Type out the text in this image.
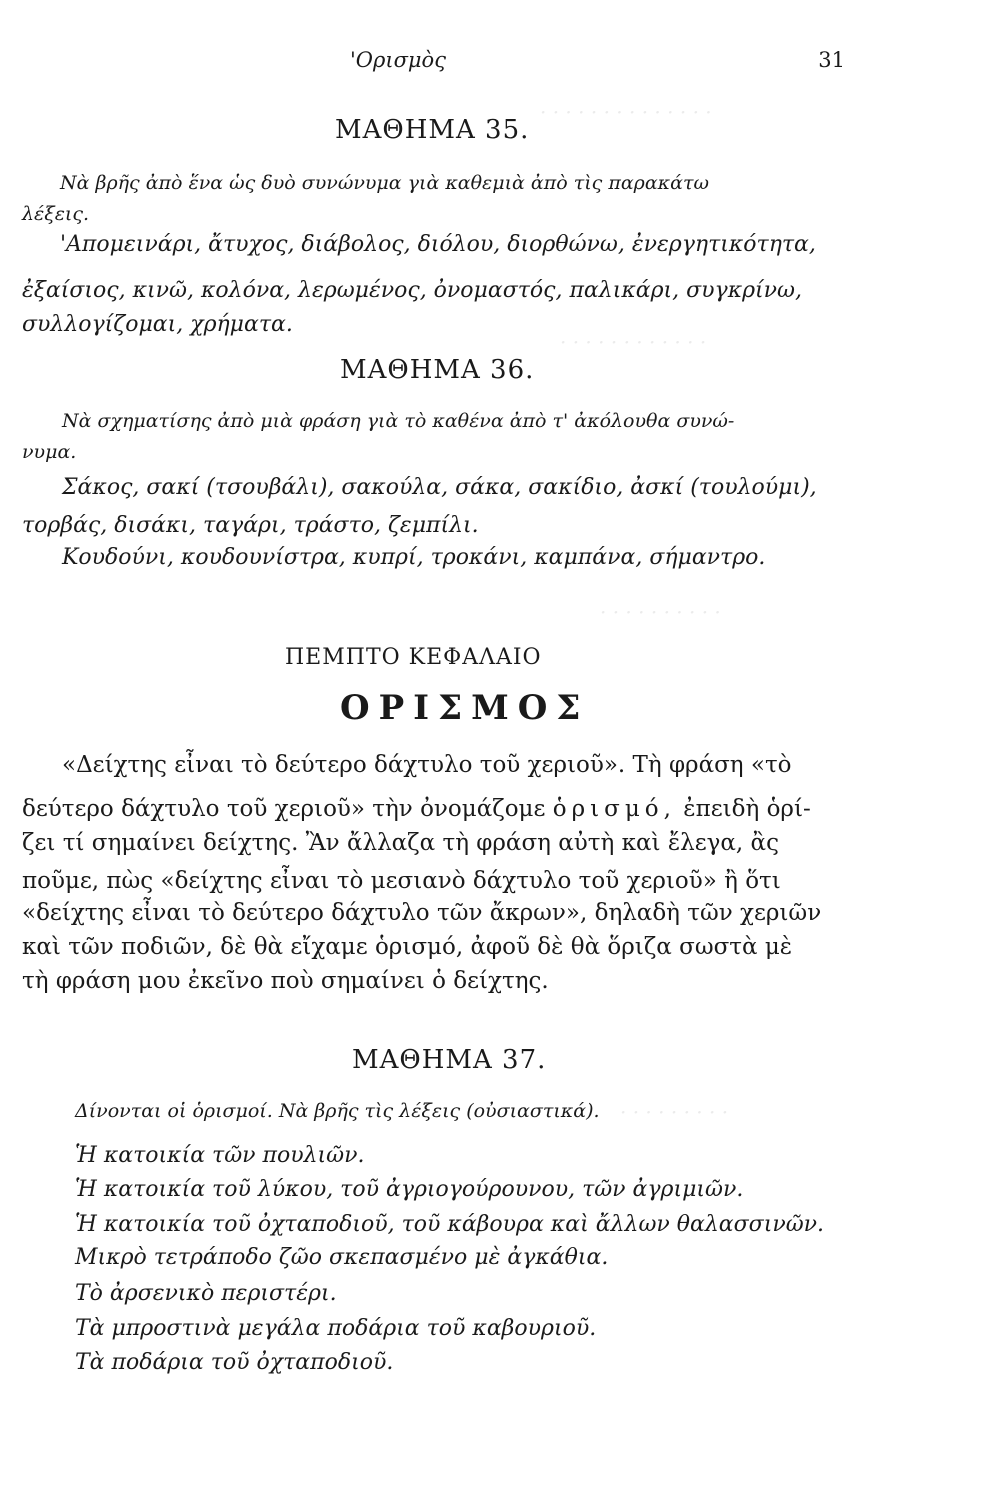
· · · · · · · · · · · · · ·
· · · · · · · · · · · ·
· · · · · · · · · ·
· · · · · · · · ·
'Ορισμὸς	31
ΜΑΘΗΜΑ 35.
Νὰ βρῆς ἀπὸ ἕνα ὡς δυὸ συνώνυμα γιὰ καθεμιὰ ἀπὸ τὶς παρακάτω
λέξεις.
'Απομεινάρι, ἄτυχος, διάβολος, διόλου, διορθώνω, ἐνεργητικότητα,
ἐξαίσιος, κινῶ, κολόνα, λερωμένος, ὀνομαστός, παλικάρι, συγκρίνω,
συλλογίζομαι, χρήματα.
ΜΑΘΗΜΑ 36.
Νὰ σχηματίσης ἀπὸ μιὰ φράση γιὰ τὸ καθένα ἀπὸ τ' ἀκόλουθα συνώ-
νυμα.
Σάκος, σακί (τσουβάλι), σακούλα, σάκα, σακίδιο, ἀσκί (τουλούμι),
τορβάς, δισάκι, ταγάρι, τράστο, ζεμπίλι.
Κουδούνι, κουδουνίστρα, κυπρί, τροκάνι, καμπάνα, σήμαντρο.
ΠΕΜΠΤΟ ΚΕΦΑΛΑΙΟ
ΟΡΙΣΜΟΣ
«Δείχτης εἶναι τὸ δεύτερο δάχτυλο τοῦ χεριοῦ». Τὴ φράση «τὸ
δεύτερο δάχτυλο τοῦ χεριοῦ» τὴν ὀνομάζομε ὁρισμό, ἐπειδὴ ὁρί-
ζει τί σημαίνει δείχτης. Ἂν ἄλλαζα τὴ φράση αὐτὴ καὶ ἔλεγα, ἂς
ποῦμε, πὼς «δείχτης εἶναι τὸ μεσιανὸ δάχτυλο τοῦ χεριοῦ» ἢ ὅτι
«δείχτης εἶναι τὸ δεύτερο δάχτυλο τῶν ἄκρων», δηλαδὴ τῶν χεριῶν
καὶ τῶν ποδιῶν, δὲ θὰ εἴχαμε ὁρισμό, ἀφοῦ δὲ θὰ ὅριζα σωστὰ μὲ
τὴ φράση μου ἐκεῖνο ποὺ σημαίνει ὁ δείχτης.
ΜΑΘΗΜΑ 37.
Δίνονται οἱ ὁρισμοί. Νὰ βρῆς τὶς λέξεις (οὐσιαστικά).
Ἡ κατοικία τῶν πουλιῶν.
Ἡ κατοικία τοῦ λύκου, τοῦ ἀγριογούρουνου, τῶν ἀγριμιῶν.
Ἡ κατοικία τοῦ ὀχταποδιοῦ, τοῦ κάβουρα καὶ ἄλλων θαλασσινῶν.
Μικρὸ τετράποδο ζῶο σκεπασμένο μὲ ἀγκάθια.
Τὸ ἀρσενικὸ περιστέρι.
Τὰ μπροστινὰ μεγάλα ποδάρια τοῦ καβουριοῦ.
Τὰ ποδάρια τοῦ ὀχταποδιοῦ.
